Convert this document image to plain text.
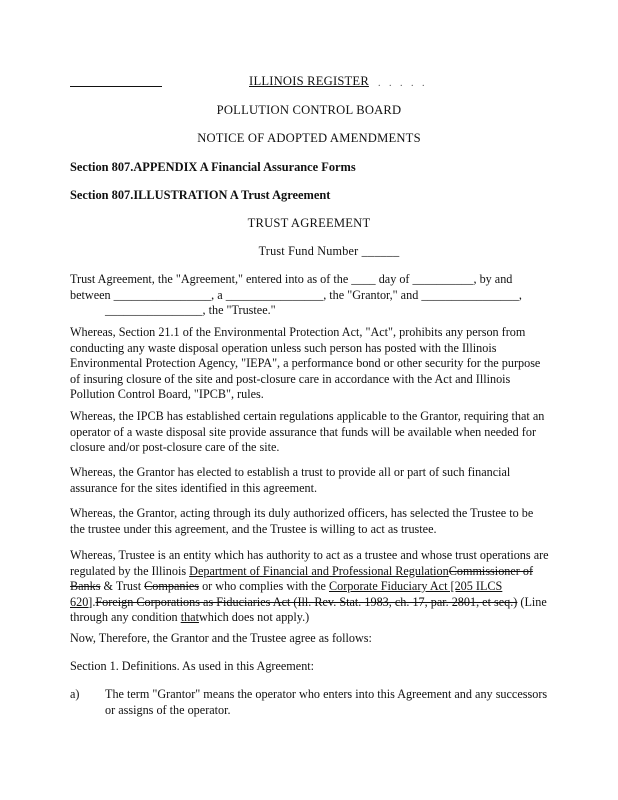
. . . . .
ILLINOIS REGISTER
POLLUTION CONTROL BOARD
NOTICE OF ADOPTED AMENDMENTS
Section 807.APPENDIX A Financial Assurance Forms
Section 807.ILLUSTRATION A Trust Agreement
TRUST AGREEMENT
Trust Fund Number ______
Trust Agreement, the "Agreement," entered into as of the ____ day of __________, by and
between ________________, a ________________, the "Grantor," and ________________,
________________, the "Trustee."
Whereas, Section 21.1 of the Environmental Protection Act, "Act", prohibits any person from conducting any waste disposal operation unless such person has posted with the Illinois Environmental Protection Agency, "IEPA", a performance bond or other security for the purpose of insuring closure of the site and post-closure care in accordance with the Act and Illinois Pollution Control Board, "IPCB", rules.
Whereas, the IPCB has established certain regulations applicable to the Grantor, requiring that an operator of a waste disposal site provide assurance that funds will be available when needed for closure and/or post-closure care of the site.
Whereas, the Grantor has elected to establish a trust to provide all or part of such financial assurance for the sites identified in this agreement.
Whereas, the Grantor, acting through its duly authorized officers, has selected the Trustee to be the trustee under this agreement, and the Trustee is willing to act as trustee.
Whereas, Trustee is an entity which has authority to act as a trustee and whose trust operations are regulated by the Illinois Department of Financial and Professional RegulationCommissioner of Banks & Trust Companies or who complies with the Corporate Fiduciary Act [205 ILCS 620].Foreign Corporations as Fiduciaries Act (Ill. Rev. Stat. 1983, ch. 17, par. 2801, et seq.) (Line through any condition thatwhich does not apply.)
Now, Therefore, the Grantor and the Trustee agree as follows:
Section 1. Definitions. As used in this Agreement:
a) The term "Grantor" means the operator who enters into this Agreement and any successors or assigns of the operator.
